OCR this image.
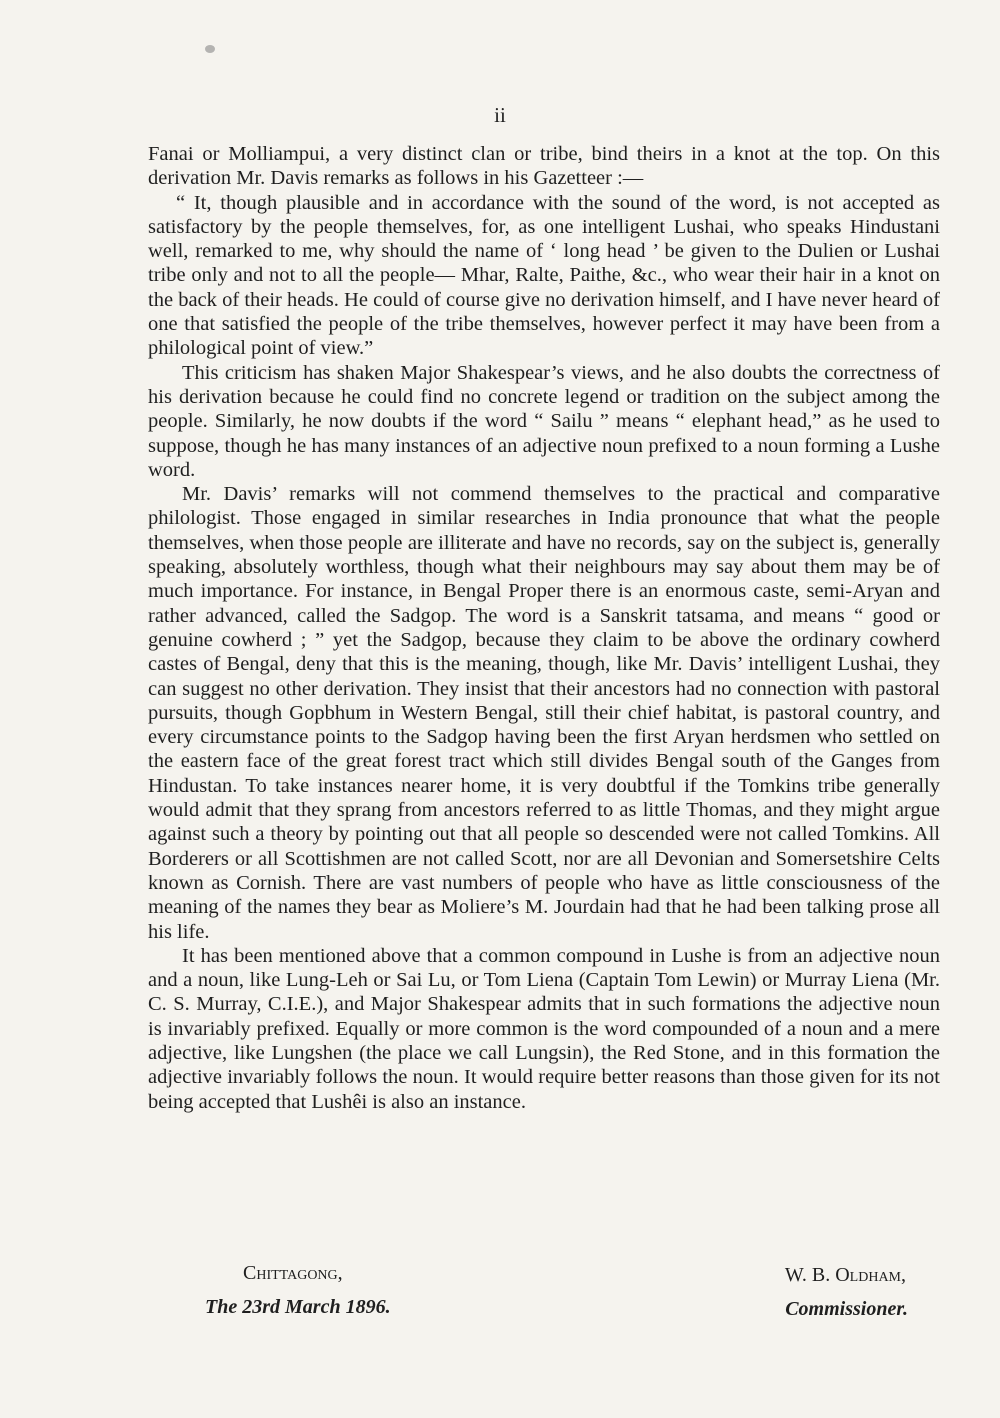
ii

Fanai or Molliampui, a very distinct clan or tribe, bind theirs in a knot at the top. On this derivation Mr. Davis remarks as follows in his Gazetteer :—

“ It, though plausible and in accordance with the sound of the word, is not accepted as satisfactory by the people themselves, for, as one intelligent Lushai, who speaks Hindustani well, remarked to me, why should the name of ‘ long head ’ be given to the Dulien or Lushai tribe only and not to all the people— Mhar, Ralte, Paithe, &c., who wear their hair in a knot on the back of their heads. He could of course give no derivation himself, and I have never heard of one that satisfied the people of the tribe themselves, however perfect it may have been from a philological point of view.”

This criticism has shaken Major Shakespear’s views, and he also doubts the correctness of his derivation because he could find no concrete legend or tradition on the subject among the people. Similarly, he now doubts if the word “ Sailu ” means “ elephant head,” as he used to suppose, though he has many instances of an adjective noun prefixed to a noun forming a Lushe word.

Mr. Davis’ remarks will not commend themselves to the practical and comparative philologist. Those engaged in similar researches in India pronounce that what the people themselves, when those people are illiterate and have no records, say on the subject is, generally speaking, absolutely worthless, though what their neighbours may say about them may be of much importance. For instance, in Bengal Proper there is an enormous caste, semi-Aryan and rather advanced, called the Sadgop. The word is a Sanskrit tatsama, and means “ good or genuine cowherd ; ” yet the Sadgop, because they claim to be above the ordinary cowherd castes of Bengal, deny that this is the meaning, though, like Mr. Davis’ intelligent Lushai, they can suggest no other derivation. They insist that their ancestors had no connection with pastoral pursuits, though Gopbhum in Western Bengal, still their chief habitat, is pastoral country, and every circumstance points to the Sadgop having been the first Aryan herdsmen who settled on the eastern face of the great forest tract which still divides Bengal south of the Ganges from Hindustan. To take instances nearer home, it is very doubtful if the Tomkins tribe generally would admit that they sprang from ancestors referred to as little Thomas, and they might argue against such a theory by pointing out that all people so descended were not called Tomkins. All Borderers or all Scottishmen are not called Scott, nor are all Devonian and Somersetshire Celts known as Cornish. There are vast numbers of people who have as little consciousness of the meaning of the names they bear as Moliere’s M. Jourdain had that he had been talking prose all his life.

It has been mentioned above that a common compound in Lushe is from an adjective noun and a noun, like Lung-Leh or Sai Lu, or Tom Liena (Captain Tom Lewin) or Murray Liena (Mr. C. S. Murray, C.I.E.), and Major Shakespear admits that in such formations the adjective noun is invariably prefixed. Equally or more common is the word compounded of a noun and a mere adjective, like Lungshen (the place we call Lungsin), the Red Stone, and in this formation the adjective invariably follows the noun. It would require better reasons than those given for its not being accepted that Lushêi is also an instance.

Chittagong,
The 23rd March 1896.
W. B. Oldham,
Commissioner.
